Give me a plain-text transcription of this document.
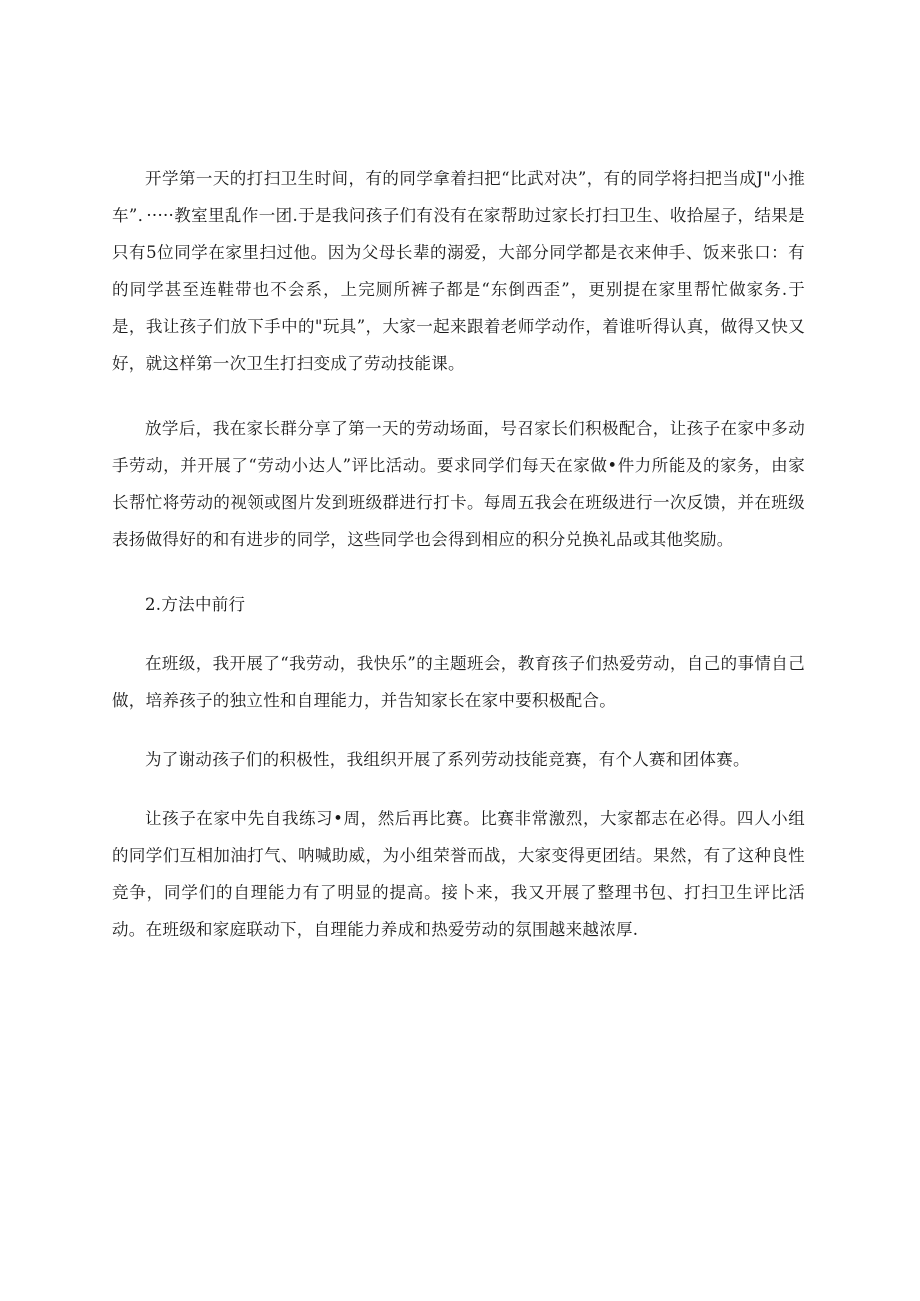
开学第一天的打扫卫生时间，有的同学拿着扫把“比武对决”，有的同学将扫把当成J"小推车”．·····教室里乱作一团.于是我问孩子们有没有在家帮助过家长打扫卫生、收拾屋子，结果是只有5位同学在家里扫过他。因为父母长辈的溺爱，大部分同学都是衣来伸手、饭来张口：有的同学甚至连鞋带也不会系，上完厕所裤子都是“东倒西歪”，更别提在家里帮忙做家务.于是，我让孩子们放下手中的"玩具”，大家一起来跟着老师学动作，着谁听得认真，做得又快又好，就这样第一次卫生打扫变成了劳动技能课。

放学后，我在家长群分享了第一天的劳动场面，号召家长们积极配合，让孩子在家中多动手劳动，并开展了“劳动小达人”评比活动。要求同学们每天在家做•件力所能及的家务，由家长帮忙将劳动的视领或图片发到班级群进行打卡。每周五我会在班级进行一次反馈，并在班级表扬做得好的和有进步的同学，这些同学也会得到相应的积分兑换礼品或其他奖励。

2.方法中前行

在班级，我开展了“我劳动，我快乐”的主题班会，教育孩子们热爱劳动，自己的事情自己做，培养孩子的独立性和自理能力，并告知家长在家中要积极配合。

为了谢动孩子们的积极性，我组织开展了系列劳动技能竞赛，有个人赛和团体赛。

让孩子在家中先自我练习•周，然后再比赛。比赛非常激烈，大家都志在必得。四人小组的同学们互相加油打气、呐喊助威，为小组荣誉而战，大家变得更团结。果然，有了这种良性竞争，同学们的自理能力有了明显的提高。接卜来，我又开展了整理书包、打扫卫生评比活动。在班级和家庭联动下，自理能力养成和热爱劳动的氛围越来越浓厚.
